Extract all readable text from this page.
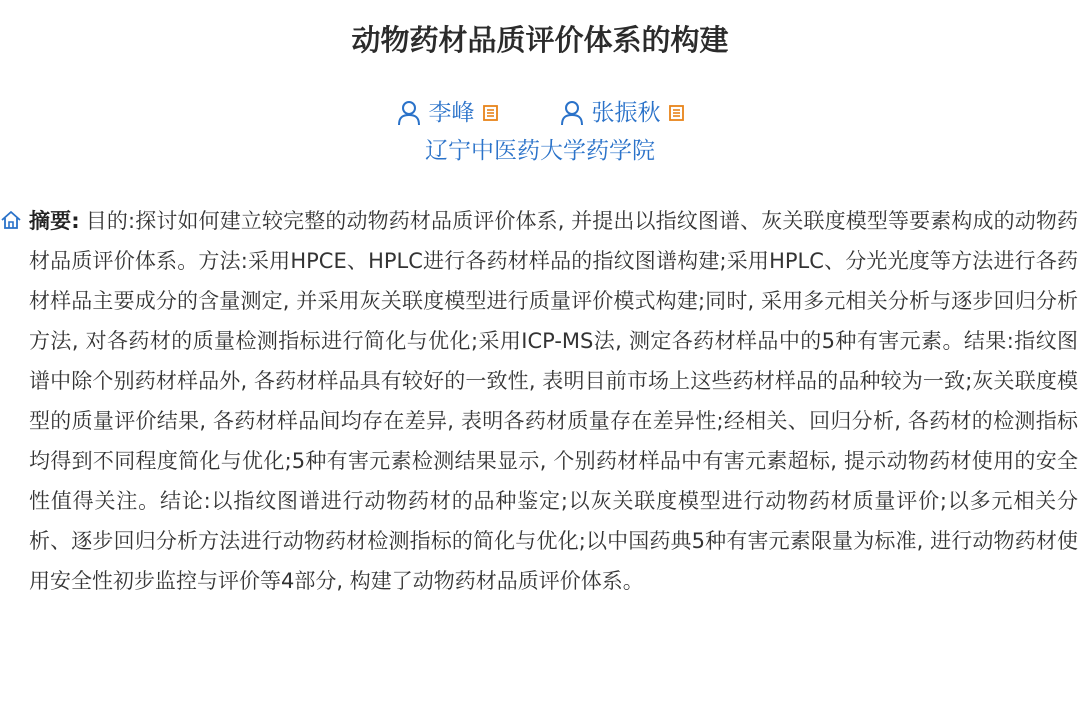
动物药材品质评价体系的构建
李峰	张振秋
辽宁中医药大学药学院

摘要: 目的:探讨如何建立较完整的动物药材品质评价体系, 并提出以指纹图谱、灰关联度模型等要素构成的动物药材品质评价体系。方法:采用HPCE、HPLC进行各药材样品的指纹图谱构建;采用HPLC、分光光度等方法进行各药材样品主要成分的含量测定, 并采用灰关联度模型进行质量评价模式构建;同时, 采用多元相关分析与逐步回归分析方法, 对各药材的质量检测指标进行简化与优化;采用ICP-MS法, 测定各药材样品中的5种有害元素。结果:指纹图谱中除个别药材样品外, 各药材样品具有较好的一致性, 表明目前市场上这些药材样品的品种较为一致;灰关联度模型的质量评价结果, 各药材样品间均存在差异, 表明各药材质量存在差异性;经相关、回归分析, 各药材的检测指标均得到不同程度简化与优化;5种有害元素检测结果显示, 个别药材样品中有害元素超标, 提示动物药材使用的安全性值得关注。结论:以指纹图谱进行动物药材的品种鉴定;以灰关联度模型进行动物药材质量评价;以多元相关分析、逐步回归分析方法进行动物药材检测指标的简化与优化;以中国药典5种有害元素限量为标准, 进行动物药材使用安全性初步监控与评价等4部分, 构建了动物药材品质评价体系。
